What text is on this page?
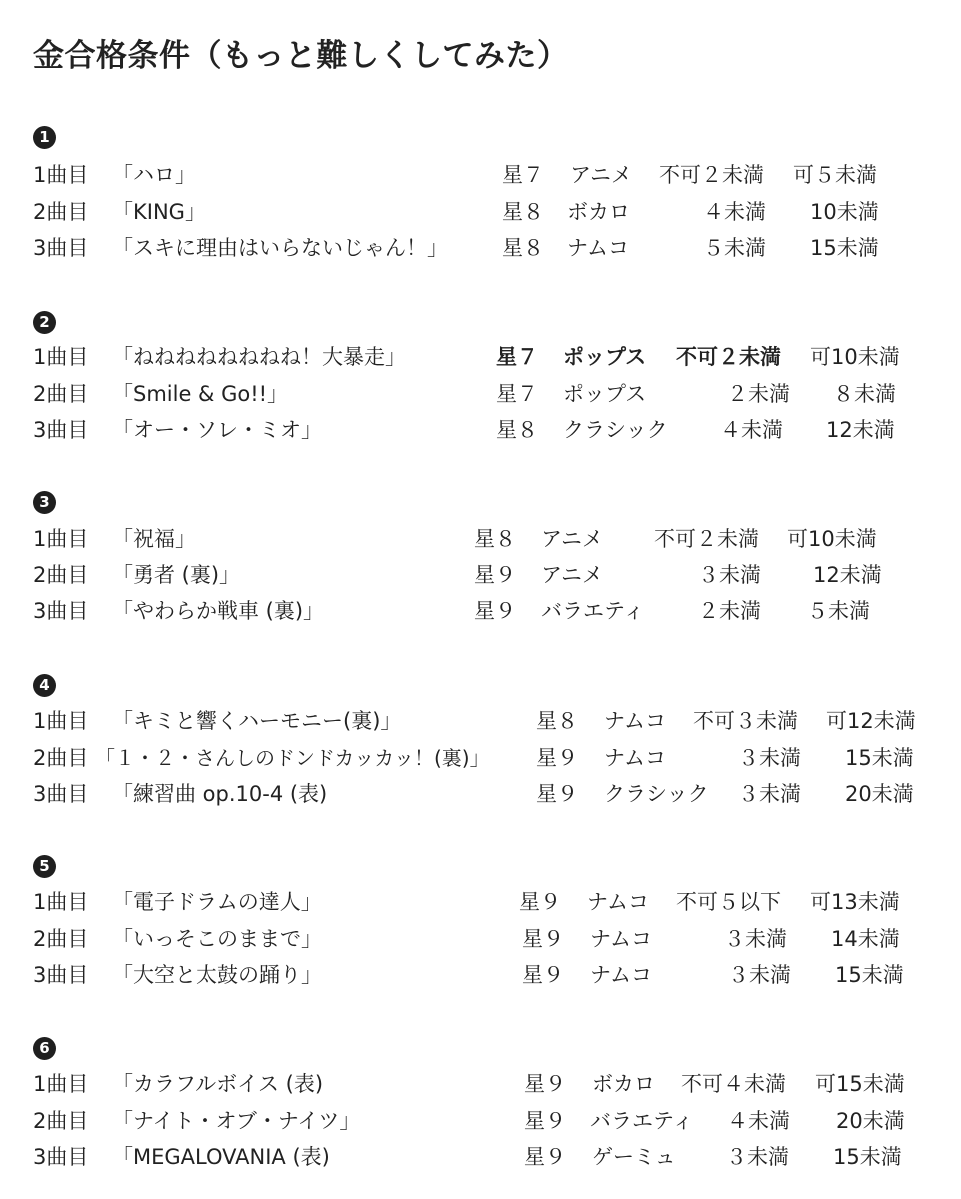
金合格条件（もっと難しくしてみた）
1
1曲目 「ハロ」	星７ アニメ 不可２未満 可５未満
2曲目 「KING」	星８ ボカロ	４未満 10未満
3曲目 「スキに理由はいらないじゃん！」	星８ ナムコ	５未満 15未満
2
1曲目 「ねねねねねねねね！大暴走」	星７ ポップス 不可２未満 可10未満
2曲目 「Smile & Go!!」	星７ ポップス	２未満 ８未満
3曲目 「オー・ソレ・ミオ」	星８ クラシック ４未満 12未満
3
1曲目 「祝福」	星８ アニメ 不可２未満 可10未満
2曲目 「勇者 (裏)」	星９ アニメ	３未満 12未満
3曲目 「やわらか戦車 (裏)」	星９ バラエティ	２未満 ５未満
4
1曲目 「キミと響くハーモニー(裏)」	星８ ナムコ 不可３未満 可12未満
2曲目 「１・２・さんしのドンドカッカッ！(裏)」 星９ ナムコ	３未満 15未満
3曲目 「練習曲 op.10-4 (表)	星９ クラシック ３未満 20未満
5
1曲目 「電子ドラムの達人」	星９ ナムコ 不可５以下 可13未満
2曲目 「いっそこのままで」	星９ ナムコ	３未満 14未満
3曲目 「大空と太鼓の踊り」	星９ ナムコ	３未満 15未満
6
1曲目 「カラフルボイス (表)	星９ ボカロ 不可４未満 可15未満
2曲目 「ナイト・オブ・ナイツ」	星９ バラエティ ４未満 20未満
3曲目 「MEGALOVANIA (表)	星９ ゲーミュ ３未満 15未満
